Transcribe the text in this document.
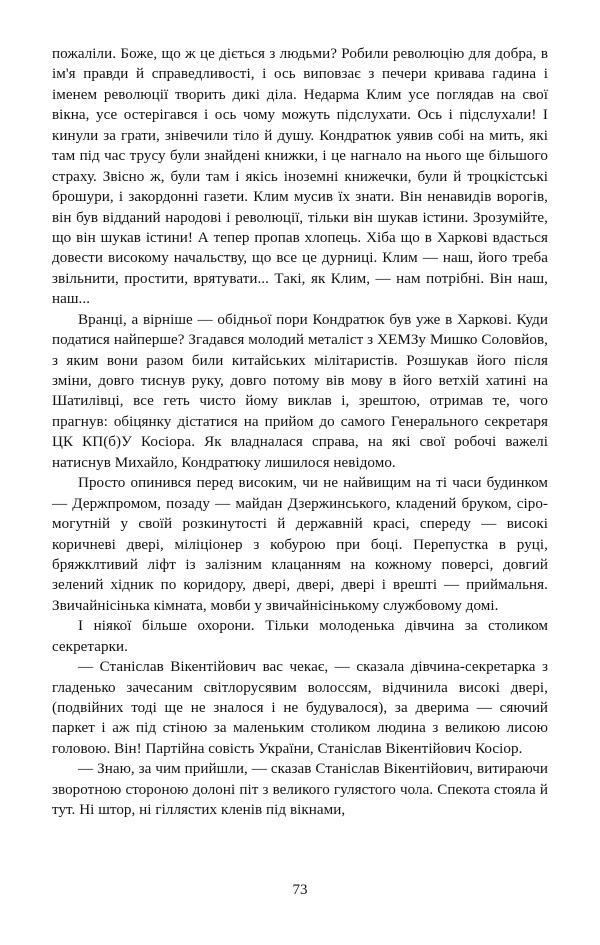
пожаліли. Боже, що ж це діється з людьми? Робили революцію для добра, в ім'я правди й справедливості, і ось виповзає з печери кривава гадина і іменем революції творить дикі діла. Недарма Клим усе поглядав на свої вікна, усе остерігався і ось чому можуть підслухати. Ось і підслухали! І кинули за грати, знівечили тіло й душу. Кондратюк уявив собі на мить, які там під час трусу були знайдені книжки, і це нагнало на нього ще більшого страху. Звісно ж, були там і якісь іноземні книжечки, були й троцкістські брошури, і закордонні газети. Клим мусив їх знати. Він ненавидів ворогів, він був відданий народові і революції, тільки він шукав істини. Зрозумійте, що він шукав істини! А тепер пропав хлопець. Хіба що в Харкові вдасться довести високому начальству, що все це дурниці. Клим — наш, його треба звільнити, простити, врятувати... Такі, як Клим, — нам потрібні. Він наш, наш...

Вранці, а вірніше — обідньої пори Кондратюк був уже в Харкові. Куди податися найперше? Згадався молодий металіст з ХЕМЗу Мишко Соловйов, з яким вони разом били китайських мілітаристів. Розшукав його після зміни, довго тиснув руку, довго потому вів мову в його ветхій хатині на Шатилівці, все геть чисто йому виклав і, зрештою, отримав те, чого прагнув: обіцянку дістатися на прийом до самого Генерального секретаря ЦК КП(б)У Косіора. Як владналася справа, на які свої робочі важелі натиснув Михайло, Кондратюку лишилося невідомо.

Просто опинився перед високим, чи не найвищим на ті часи будинком — Держпромом, позаду — майдан Дзержинського, кладений бруком, сіро-могутній у своїй розкинутості й державній красі, спереду — високі коричневі двері, міліціонер з кобурою при боці. Перепустка в руці, бряжклтивий ліфт із залізним клацанням на кожному поверсі, довгий зелений хідник по коридору, двері, двері, двері і врешті — приймальня. Звичайнісінька кімната, мовби у звичайнісінькому службовому домі.

І ніякої більше охорони. Тільки молоденька дівчина за столиком секретарки.

— Станіслав Вікентійович вас чекає, — сказала дівчина-секретарка з гладенько зачесаним світлорусявим волоссям, відчинила високі двері, (подвійних тоді ще не зналося і не будувалося), за дверима — сяючий паркет і аж під стіною за маленьким столиком людина з великою лисою головою. Він! Партійна совість України, Станіслав Вікентійович Косіор.

— Знаю, за чим прийшли, — сказав Станіслав Вікентійович, витираючи зворотною стороною долоні піт з великого гулястого чола. Спекота стояла й тут. Ні штор, ні гіллястих кленів під вікнами,

73
